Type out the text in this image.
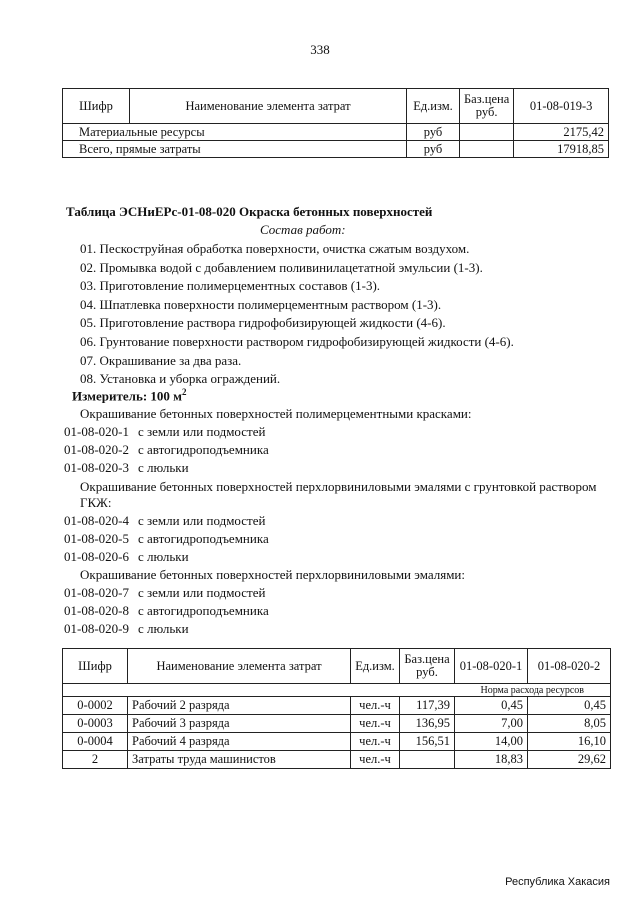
338
Шифр	Наименование элемента затрат	Ед.изм.	Баз.цена руб.	01-08-019-3
Материальные ресурсы		руб		2175,42
Всего, прямые затраты		руб		17918,85
Таблица ЭСНиЕРс-01-08-020 Окраска бетонных поверхностей
Состав работ:
01. Пескоструйная обработка поверхности, очистка сжатым воздухом.
02. Промывка водой с добавлением поливинилацетатной эмульсии (1-3).
03. Приготовление полимерцементных составов (1-3).
04. Шпатлевка поверхности полимерцементным раствором (1-3).
05. Приготовление раствора гидрофобизирующей жидкости (4-6).
06. Грунтование поверхности раствором гидрофобизирующей жидкости (4-6).
07. Окрашивание за два раза.
08. Установка и уборка ограждений.
Измеритель: 100 $м^2$
Окрашивание бетонных поверхностей полимерцементными красками:
01-08-020-1 с земли или подмостей
01-08-020-2 с автогидроподъемника
01-08-020-3 с люльки
Окрашивание бетонных поверхностей перхлорвиниловыми эмалями с грунтовкой раствором ГКЖ:
01-08-020-4 с земли или подмостей
01-08-020-5 с автогидроподъемника
01-08-020-6 с люльки
Окрашивание бетонных поверхностей перхлорвиниловыми эмалями:
01-08-020-7 с земли или подмостей
01-08-020-8 с автогидроподъемника
01-08-020-9 с люльки
Шифр	Наименование элемента затрат	Ед.изм.	Баз.цена руб.	01-08-020-1	01-08-020-2
				Норма расхода ресурсов	
0-0002	Рабочий 2 разряда	чел.-ч	117,39	0,45	0,45
0-0003	Рабочий 3 разряда	чел.-ч	136,95	7,00	8,05
0-0004	Рабочий 4 разряда	чел.-ч	156,51	14,00	16,10
2	Затраты труда машинистов	чел.-ч		18,83	29,62
Республика Хакасия
